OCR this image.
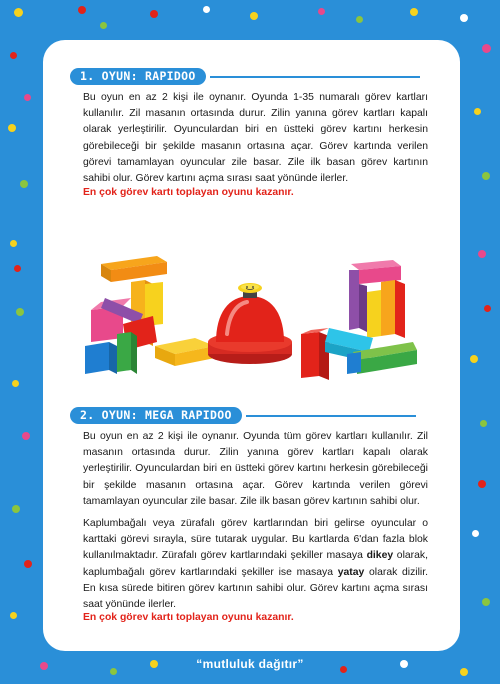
1. OYUN: RAPIDOO

Bu oyun en az 2 kişi ile oynanır. Oyunda 1-35 numaralı görev kartları kullanılır. Zil masanın ortasında durur. Zilin yanına görev kartları kapalı olarak yerleştirilir. Oyunculardan biri en üstteki görev kartını herkesin görebileceği bir şekilde masanın ortasına açar. Görev kartında verilen görevi tamamlayan oyuncular zile basar. Zile ilk basan görev kartının sahibi olur. Görev kartını açma sırası saat yönünde ilerler.

En çok görev kartı toplayan oyunu kazanır.
2. OYUN: MEGA RAPIDOO

Bu oyun en az 2 kişi ile oynanır. Oyunda tüm görev kartları kullanılır. Zil masanın ortasında durur. Zilin yanına görev kartları kapalı olarak yerleştirilir. Oyunculardan biri en üstteki görev kartını herkesin görebileceği bir şekilde masanın ortasına açar. Görev kartında verilen görevi tamamlayan oyuncular zile basar. Zile ilk basan görev kartının sahibi olur.

Kaplumbağalı veya zürafalı görev kartlarından biri gelirse oyuncular o karttaki görevi sırayla, süre tutarak uygular. Bu kartlarda 6'dan fazla blok kullanılmaktadır. Zürafalı görev kartlarındaki şekiller masaya dikey olarak, kaplumbağalı görev kartlarındaki şekiller ise masaya yatay olarak dizilir. En kısa sürede bitiren görev kartının sahibi olur. Görev kartını açma sırası saat yönünde ilerler.

En çok görev kartı toplayan oyunu kazanır.
“mutluluk dağıtır”
